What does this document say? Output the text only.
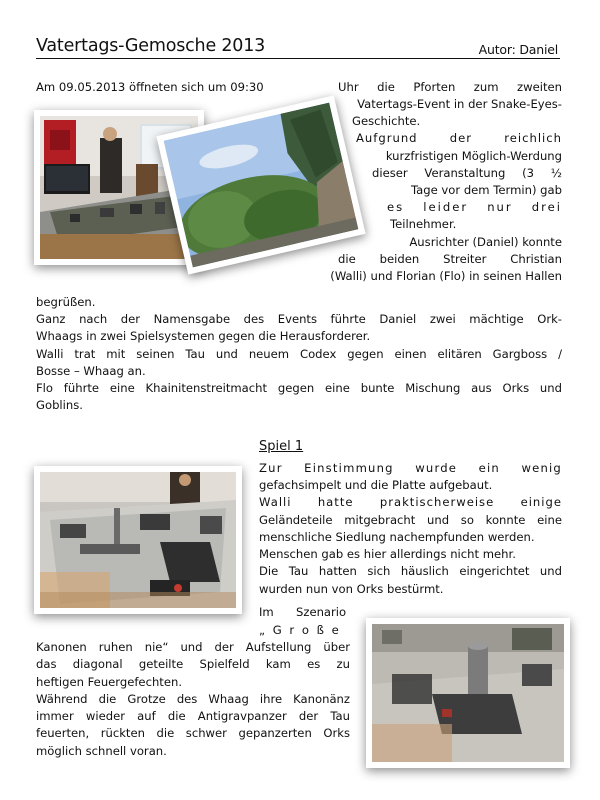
Vatertags-Gemosche 2013	Autor: Daniel
Am 09.05.2013 öffneten sich um 09:30	Uhr die Pforten zum zweiten
Vatertags-Event in der Snake-Eyes-
Geschichte.
Aufgrund der reichlich
kurzfristigen Möglich-Werdung
dieser Veranstaltung (3 ½
Tage vor dem Termin) gab
es leider nur drei
Teilnehmer.
Ausrichter (Daniel) konnte
die beiden Streiter Christian
(Walli) und Florian (Flo) in seinen Hallen
begrüßen.
Ganz nach der Namensgabe des Events führte Daniel zwei mächtige Ork-
Whaags in zwei Spielsystemen gegen die Herausforderer.
Walli trat mit seinen Tau und neuem Codex gegen einen elitären Gargboss /
Bosse – Whaag an.
Flo führte eine Khainitenstreitmacht gegen eine bunte Mischung aus Orks und
Goblins.
Spiel 1
Zur Einstimmung wurde ein wenig
gefachsimpelt und die Platte aufgebaut.
Walli hatte praktischerweise einige
Geländeteile mitgebracht und so konnte eine
menschliche Siedlung nachempfunden werden.
Menschen gab es hier allerdings nicht mehr.
Die Tau hatten sich häuslich eingerichtet und
wurden nun von Orks bestürmt.
Im Szenario
„ G r o ß e
Kanonen ruhen nie“ und der Aufstellung über
das diagonal geteilte Spielfeld kam es zu
heftigen Feuergefechten.
Während die Grotze des Whaag ihre Kanonänz
immer wieder auf die Antigravpanzer der Tau
feuerten, rückten die schwer gepanzerten Orks
möglich schnell voran.
